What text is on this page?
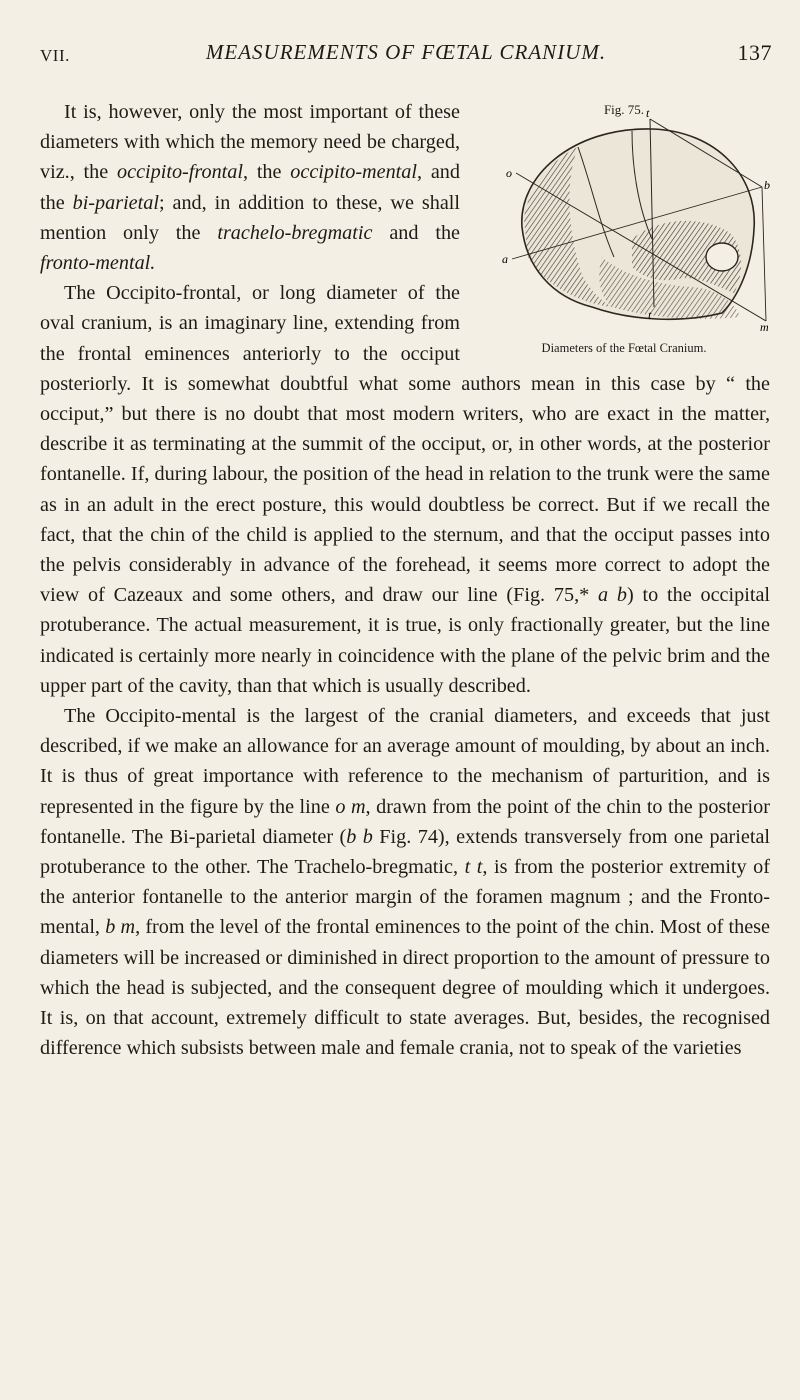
VII.	MEASUREMENTS OF FŒTAL CRANIUM.	137
Fig. 75. t
o
b
a
t
m
Diameters of the Fœtal Cranium.

It is, however, only the most important of these diameters with which the memory need be charged, viz., the occipito-frontal, the occipito-mental, and the bi-parietal; and, in addition to these, we shall mention only the trachelo-bregmatic and the fronto-mental.

The Occipito-frontal, or long diameter of the oval cranium, is an imaginary line, extending from the frontal eminences anteriorly to the occiput posteriorly. It is somewhat doubtful what some authors mean in this case by “ the occiput,” but there is no doubt that most modern writers, who are exact in the matter, describe it as terminating at the summit of the occiput, or, in other words, at the posterior fontanelle. If, during labour, the position of the head in relation to the trunk were the same as in an adult in the erect posture, this would doubtless be correct. But if we recall the fact, that the chin of the child is applied to the sternum, and that the occiput passes into the pelvis considerably in advance of the forehead, it seems more correct to adopt the view of Cazeaux and some others, and draw our line (Fig. 75,* a b) to the occipital protuberance. The actual measurement, it is true, is only fractionally greater, but the line indicated is certainly more nearly in coincidence with the plane of the pelvic brim and the upper part of the cavity, than that which is usually described.

The Occipito-mental is the largest of the cranial diameters, and exceeds that just described, if we make an allowance for an average amount of moulding, by about an inch. It is thus of great importance with reference to the mechanism of parturition, and is represented in the figure by the line o m, drawn from the point of the chin to the posterior fontanelle. The Bi-parietal diameter (b b Fig. 74), extends transversely from one parietal protuberance to the other. The Trachelo-bregmatic, t t, is from the posterior extremity of the anterior fontanelle to the anterior margin of the foramen magnum ; and the Fronto-mental, b m, from the level of the frontal eminences to the point of the chin. Most of these diameters will be increased or diminished in direct proportion to the amount of pressure to which the head is subjected, and the consequent degree of moulding which it undergoes. It is, on that account, extremely difficult to state averages. But, besides, the recognised difference which subsists between male and female crania, not to speak of the varieties
